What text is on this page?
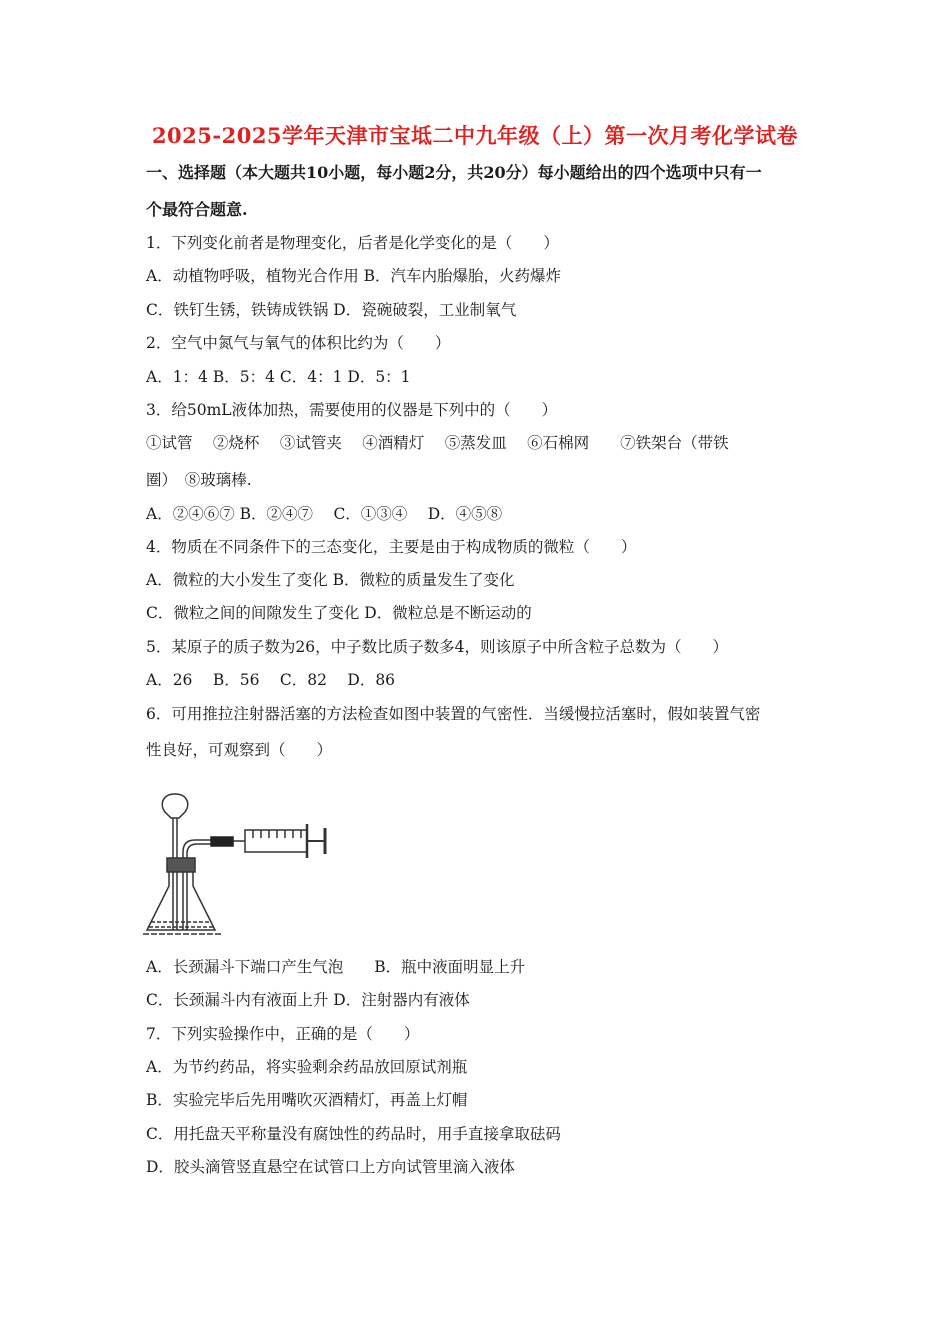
2025-2025学年天津市宝坻二中九年级（上）第一次月考化学试卷
一、选择题（本大题共10小题，每小题2分，共20分）每小题给出的四个选项中只有一
个最符合题意.
1．下列变化前者是物理变化，后者是化学变化的是（　　）
A．动植物呼吸，植物光合作用 B．汽车内胎爆胎，火药爆炸
C．铁钉生锈，铁铸成铁锅 D．瓷碗破裂，工业制氧气
2．空气中氮气与氧气的体积比约为（　　）
A．1：4 B．5：4 C．4：1 D．5：1
3．给50mL液体加热，需要使用的仪器是下列中的（　　）
①试管　 ②烧杯　 ③试管夹　 ④酒精灯　 ⑤蒸发皿　 ⑥石棉网　　⑦铁架台（带铁
圈）　⑧玻璃棒.
A．②④⑥⑦ B．②④⑦　 C．①③④　 D．④⑤⑧
4．物质在不同条件下的三态变化，主要是由于构成物质的微粒（　　）
A．微粒的大小发生了变化 B．微粒的质量发生了变化
C．微粒之间的间隙发生了变化 D．微粒总是不断运动的
5．某原子的质子数为26，中子数比质子数多4，则该原子中所含粒子总数为（　　）
A．26　 B．56　 C．82　 D．86
6．可用推拉注射器活塞的方法检查如图中装置的气密性．当缓慢拉活塞时，假如装置气密
性良好，可观察到（　　）
A．长颈漏斗下端口产生气泡　　B．瓶中液面明显上升
C．长颈漏斗内有液面上升 D．注射器内有液体
7．下列实验操作中，正确的是（　　）
A．为节约药品，将实验剩余药品放回原试剂瓶
B．实验完毕后先用嘴吹灭酒精灯，再盖上灯帽
C．用托盘天平称量没有腐蚀性的药品时，用手直接拿取砝码
D．胶头滴管竖直悬空在试管口上方向试管里滴入液体
